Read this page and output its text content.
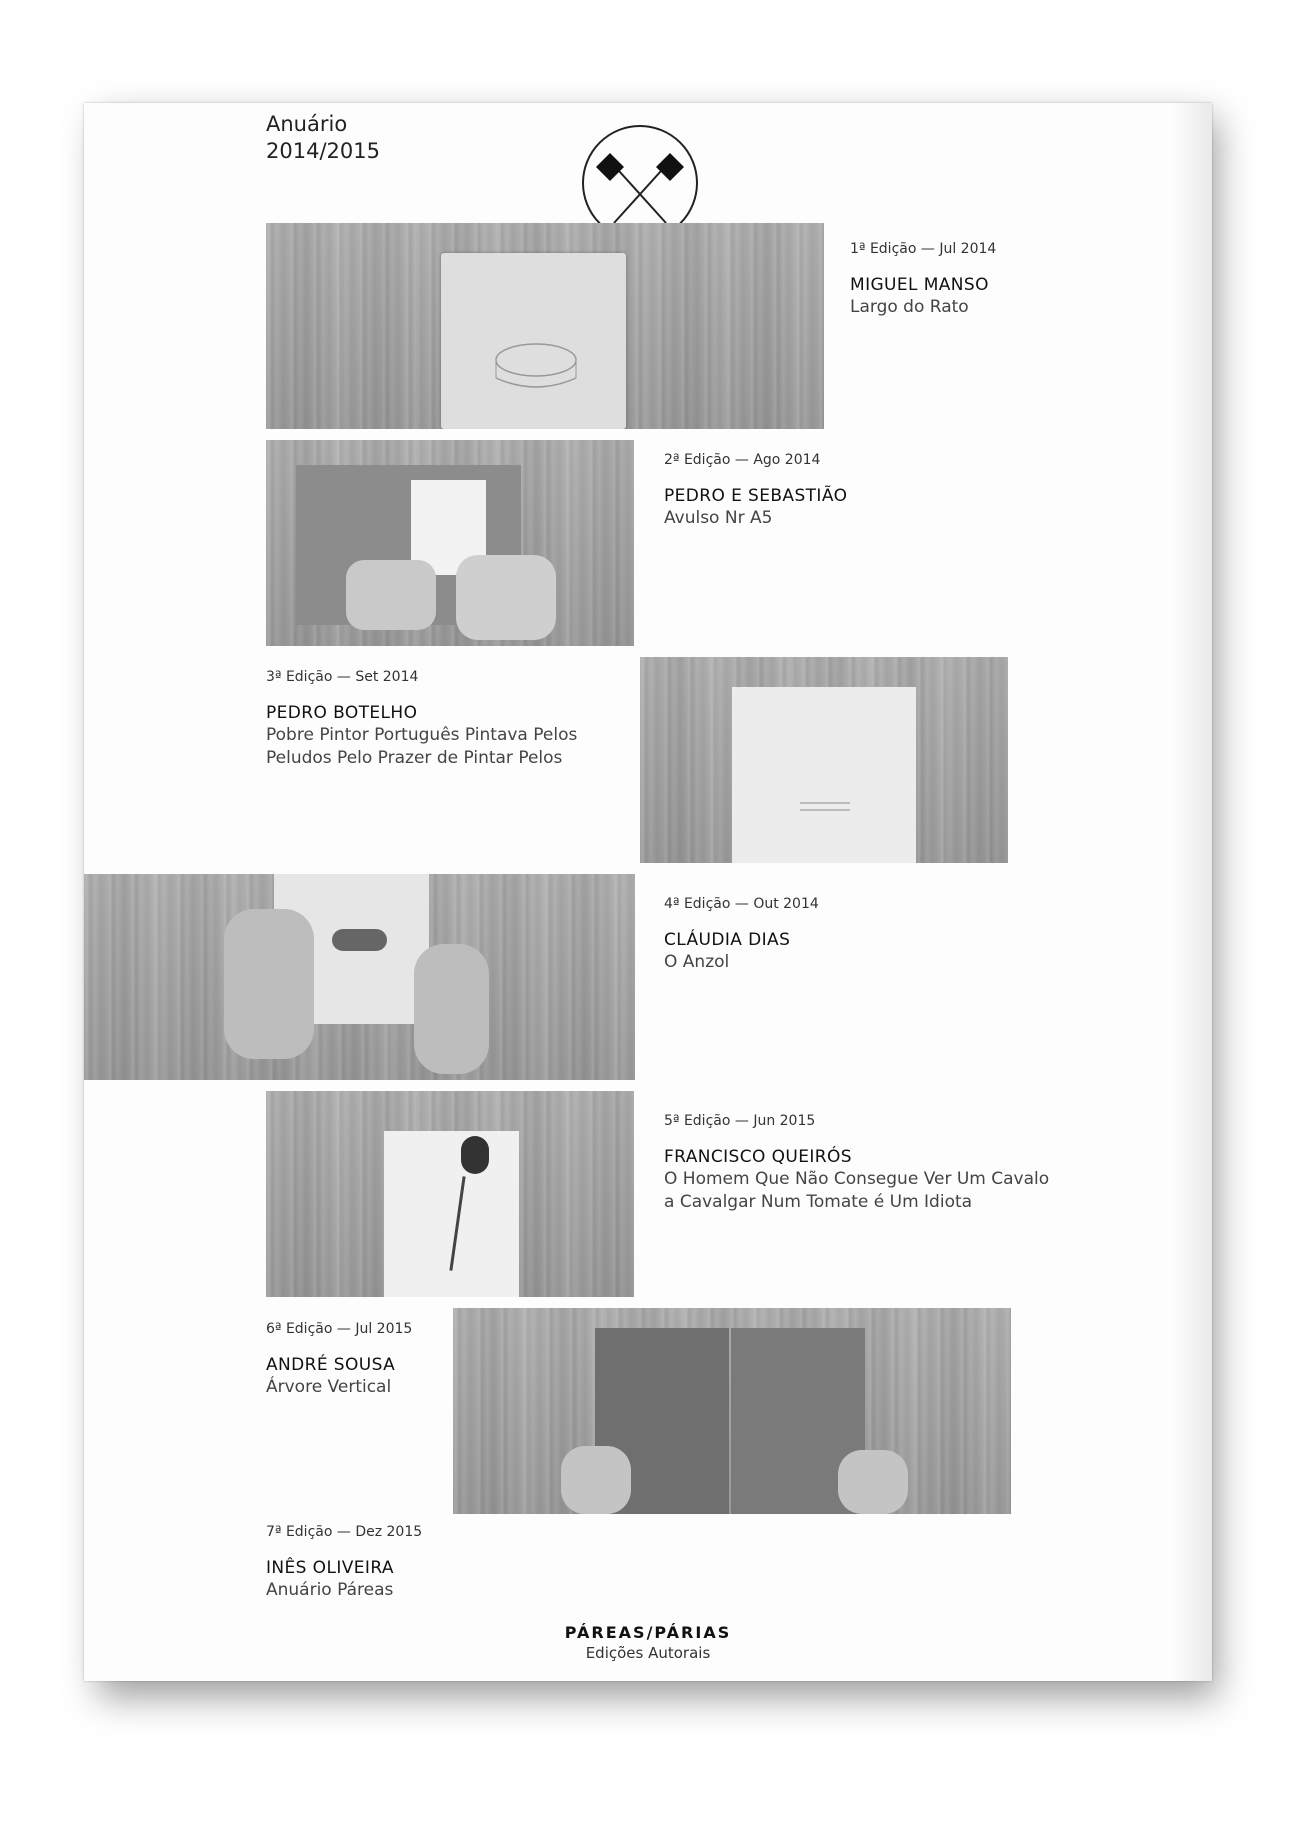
Anuário
2014/2015
1ª Edição — Jul 2014
MIGUEL MANSO
Largo do Rato
2ª Edição — Ago 2014
PEDRO E SEBASTIÃO
Avulso Nr A5
3ª Edição — Set 2014
PEDRO BOTELHO
Pobre Pintor Português Pintava Pelos
Peludos Pelo Prazer de Pintar Pelos
4ª Edição — Out 2014
CLÁUDIA DIAS
O Anzol
5ª Edição — Jun 2015
FRANCISCO QUEIRÓS
O Homem Que Não Consegue Ver Um Cavalo
a Cavalgar Num Tomate é Um Idiota
6ª Edição — Jul 2015
ANDRÉ SOUSA
Árvore Vertical
7ª Edição — Dez 2015
INÊS OLIVEIRA
Anuário Páreas
PÁREAS/PÁRIAS
Edições Autorais
